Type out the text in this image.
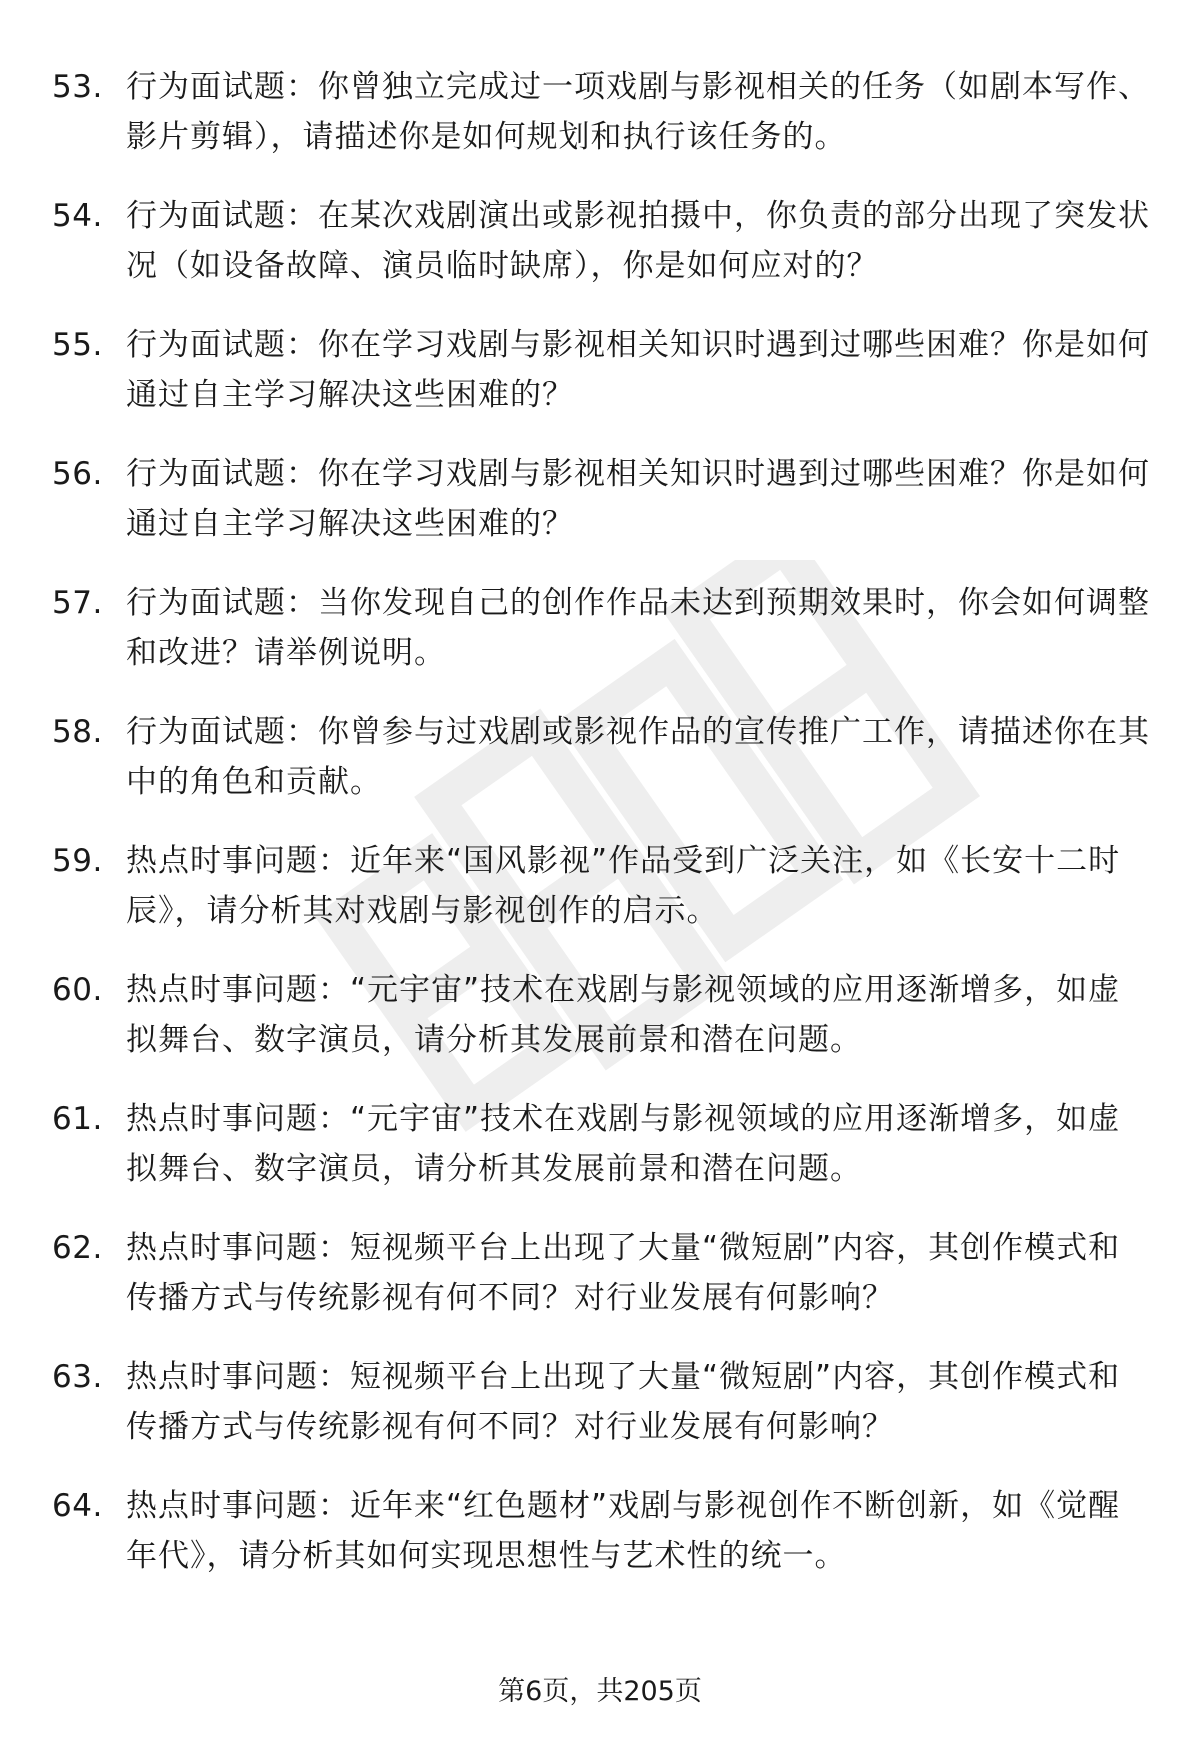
53. 行为面试题：你曾独立完成过一项戏剧与影视相关的任务（如剧本写作、影片剪辑），请描述你是如何规划和执行该任务的。
54. 行为面试题：在某次戏剧演出或影视拍摄中，你负责的部分出现了突发状况（如设备故障、演员临时缺席），你是如何应对的？
55. 行为面试题：你在学习戏剧与影视相关知识时遇到过哪些困难？你是如何通过自主学习解决这些困难的？
56. 行为面试题：你在学习戏剧与影视相关知识时遇到过哪些困难？你是如何通过自主学习解决这些困难的？
57. 行为面试题：当你发现自己的创作作品未达到预期效果时，你会如何调整和改进？请举例说明。
58. 行为面试题：你曾参与过戏剧或影视作品的宣传推广工作，请描述你在其中的角色和贡献。
59. 热点时事问题：近年来“国风影视”作品受到广泛关注，如《长安十二时辰》，请分析其对戏剧与影视创作的启示。
60. 热点时事问题：“元宇宙”技术在戏剧与影视领域的应用逐渐增多，如虚拟舞台、数字演员，请分析其发展前景和潜在问题。
61. 热点时事问题：“元宇宙”技术在戏剧与影视领域的应用逐渐增多，如虚拟舞台、数字演员，请分析其发展前景和潜在问题。
62. 热点时事问题：短视频平台上出现了大量“微短剧”内容，其创作模式和传播方式与传统影视有何不同？对行业发展有何影响？
63. 热点时事问题：短视频平台上出现了大量“微短剧”内容，其创作模式和传播方式与传统影视有何不同？对行业发展有何影响？
64. 热点时事问题：近年来“红色题材”戏剧与影视创作不断创新，如《觉醒年代》，请分析其如何实现思想性与艺术性的统一。
第6页，共205页
